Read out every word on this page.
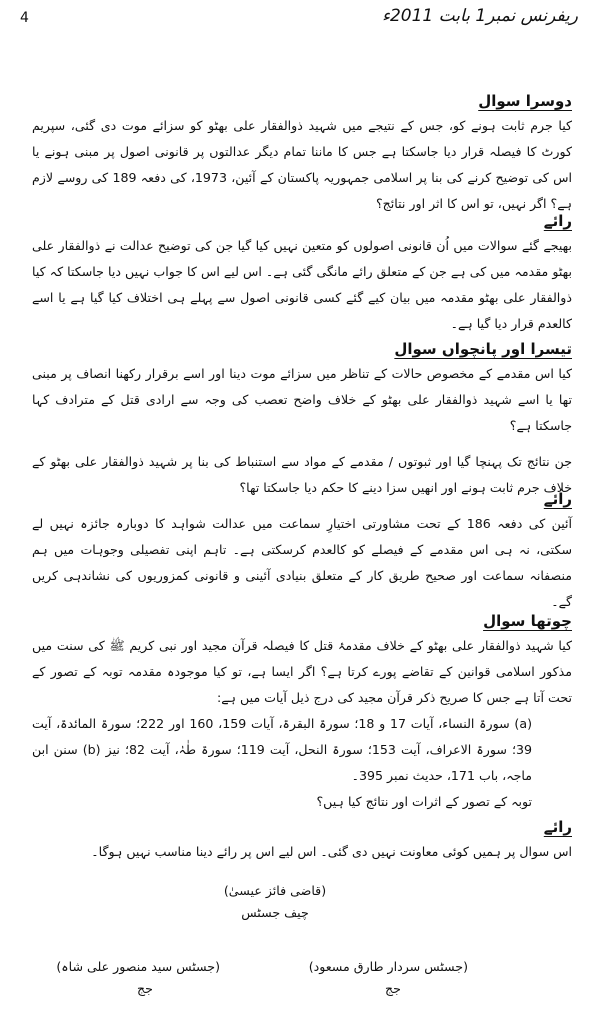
4	ریفرنس نمبر1 بابت 2011ء

دوسرا سوال

کیا جرم ثابت ہونے کو، جس کے نتیجے میں شہید ذوالفقار علی بھٹو کو سزائے موت دی گئی، سپریم کورٹ کا فیصلہ قرار دیا جاسکتا ہے جس کا ماننا تمام دیگر عدالتوں پر قانونی اصول پر مبنی ہونے یا اس کی توضیح کرنے کی بنا پر اسلامی جمہوریہ پاکستان کے آئین، 1973، کی دفعہ 189 کی روسے لازم ہے؟ اگر نہیں، تو اس کا اثر اور نتائج؟

رائے

بھیجے گئے سوالات میں اُن قانونی اصولوں کو متعین نہیں کیا گیا جن کی توضیح عدالت نے ذوالفقار علی بھٹو مقدمہ میں کی ہے جن کے متعلق رائے مانگی گئی ہے۔ اس لیے اس کا جواب نہیں دیا جاسکتا کہ کیا ذوالفقار علی بھٹو مقدمہ میں بیان کیے گئے کسی قانونی اصول سے پہلے ہی اختلاف کیا گیا ہے یا اسے کالعدم قرار دیا گیا ہے۔

تیسرا اور پانچواں سوال

کیا اس مقدمے کے مخصوص حالات کے تناظر میں سزائے موت دینا اور اسے برقرار رکھنا انصاف پر مبنی تھا یا اسے شہید ذوالفقار علی بھٹو کے خلاف واضح تعصب کی وجہ سے ارادی قتل کے مترادف کہا جاسکتا ہے؟

جن نتائج تک پہنچا گیا اور ثبوتوں / مقدمے کے مواد سے استنباط کی بنا پر شہید ذوالفقار علی بھٹو کے خلاف جرم ثابت ہونے اور انھیں سزا دینے کا حکم دیا جاسکتا تھا؟

رائے

آئین کی دفعہ 186 کے تحت مشاورتی اختیارِ سماعت میں عدالت شواہد کا دوبارہ جائزہ نہیں لے سکتی، نہ ہی اس مقدمے کے فیصلے کو کالعدم کرسکتی ہے۔ تاہم اپنی تفصیلی وجوہات میں ہم منصفانہ سماعت اور صحیح طریق کار کے متعلق بنیادی آئینی و قانونی کمزوریوں کی نشاندہی کریں گے۔

چوتھا سوال

کیا شہید ذوالفقار علی بھٹو کے خلاف مقدمۂ قتل کا فیصلہ قرآن مجید اور نبی کریم ﷺ کی سنت میں مذکور اسلامی قوانین کے تقاضے پورے کرتا ہے؟ اگر ایسا ہے، تو کیا موجودہ مقدمہ توبہ کے تصور کے تحت آتا ہے جس کا صریح ذکر قرآن مجید کی درج ذیل آیات میں ہے:

(a) سورۃ النساء، آیات 17 و 18؛ سورۃ البقرۃ، آیات 159، 160 اور 222؛ سورۃ المائدۃ، آیت 39؛ سورۃ الاعراف، آیت 153؛ سورۃ النحل، آیت 119؛ سورۃ طٰہٰ، آیت 82؛ نیز (b) سنن ابن ماجہ، باب 171، حدیث نمبر 395۔

توبہ کے تصور کے اثرات اور نتائج کیا ہیں؟

رائے

اس سوال پر ہمیں کوئی معاونت نہیں دی گئی۔ اس لیے اس پر رائے دینا مناسب نہیں ہوگا۔

(قاضی فائز عیسیٰ)
چیف جسٹس
(جسٹس سید منصور علی شاہ)
جج
(جسٹس سردار طارق مسعود)
جج
